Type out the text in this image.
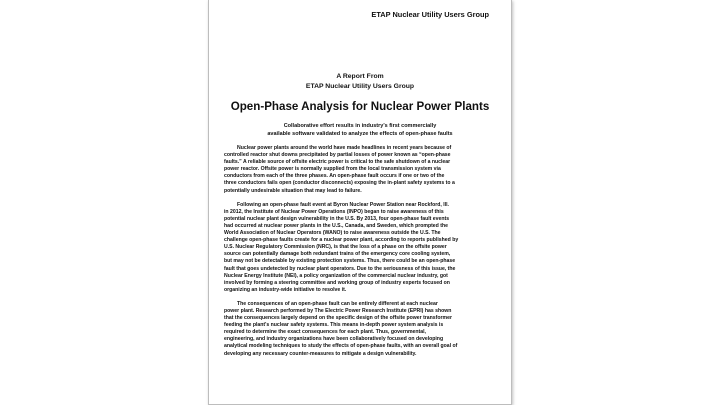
ETAP Nuclear Utility Users Group
A Report From
ETAP Nuclear Utility Users Group
Open-Phase Analysis for Nuclear Power Plants
Collaborative effort results in industry's first commercially
available software validated to analyze the effects of open-phase faults
Nuclear power plants around the world have made headlines in recent years because of
controlled reactor shut downs precipitated by partial losses of power known as “open-phase
faults.” A reliable source of offsite electric power is critical to the safe shutdown of a nuclear
power reactor. Offsite power is normally supplied from the local transmission system via
conductors from each of the three phases. An open-phase fault occurs if one or two of the
three conductors fails open (conductor disconnects) exposing the in-plant safety systems to a
potentially undesirable situation that may lead to failure.
Following an open-phase fault event at Byron Nuclear Power Station near Rockford, Ill.
in 2012, the Institute of Nuclear Power Operations (INPO) began to raise awareness of this
potential nuclear plant design vulnerability in the U.S. By 2013, four open-phase fault events
had occurred at nuclear power plants in the U.S., Canada, and Sweden, which prompted the
World Association of Nuclear Operators (WANO) to raise awareness outside the U.S. The
challenge open-phase faults create for a nuclear power plant, according to reports published by
U.S. Nuclear Regulatory Commission (NRC), is that the loss of a phase on the offsite power
source can potentially damage both redundant trains of the emergency core cooling system,
but may not be detectable by existing protection systems. Thus, there could be an open-phase
fault that goes undetected by nuclear plant operators. Due to the seriousness of this issue, the
Nuclear Energy Institute (NEI), a policy organization of the commercial nuclear industry, got
involved by forming a steering committee and working group of industry experts focused on
organizing an industry-wide initiative to resolve it.
The consequences of an open-phase fault can be entirely different at each nuclear
power plant. Research performed by The Electric Power Research Institute (EPRI) has shown
that the consequences largely depend on the specific design of the offsite power transformer
feeding the plant's nuclear safety systems. This means in-depth power system analysis is
required to determine the exact consequences for each plant. Thus, governmental,
engineering, and industry organizations have been collaboratively focused on developing
analytical modeling techniques to study the effects of open-phase faults, with an overall goal of
developing any necessary counter-measures to mitigate a design vulnerability.
